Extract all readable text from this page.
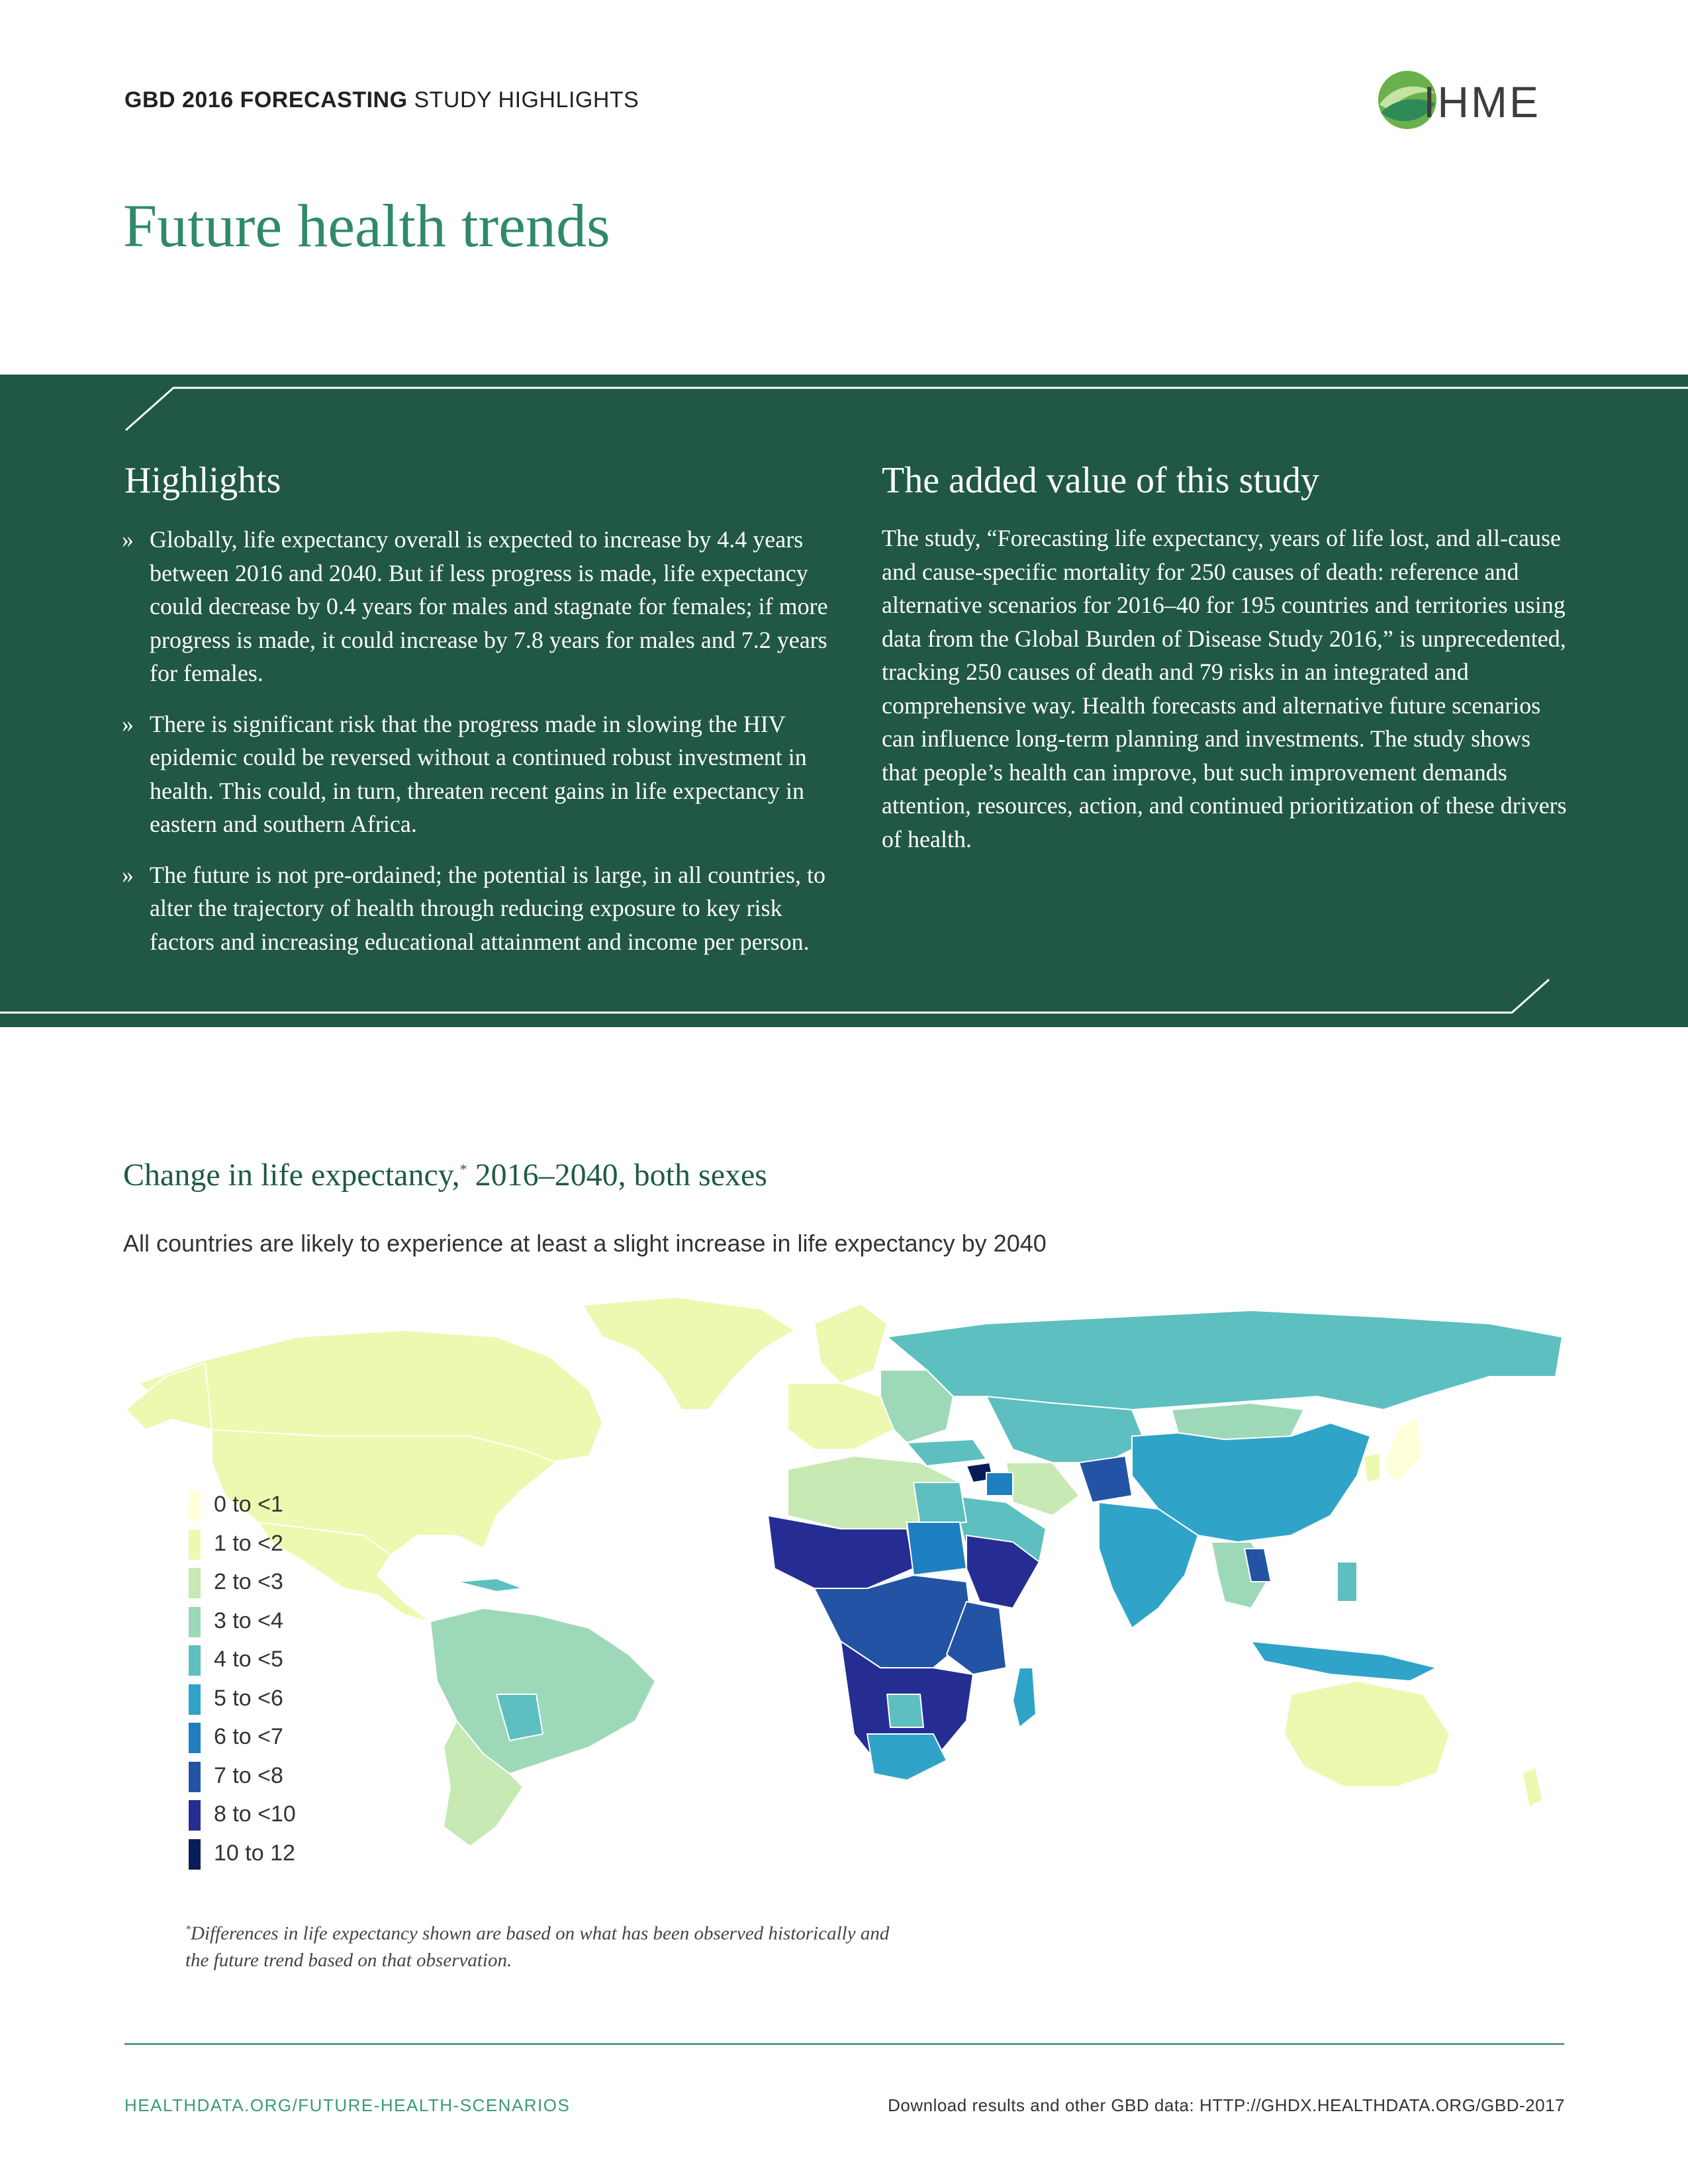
GBD 2016 FORECASTING STUDY HIGHLIGHTS	IHME
Future health trends
Highlights
» Globally, life expectancy overall is expected to increase by 4.4 years between 2016 and 2040. But if less progress is made, life expectancy could decrease by 0.4 years for males and stagnate for females; if more progress is made, it could increase by 7.8 years for males and 7.2 years for females.
» There is significant risk that the progress made in slowing the HIV epidemic could be reversed without a continued robust investment in health. This could, in turn, threaten recent gains in life expectancy in eastern and southern Africa.
» The future is not pre-ordained; the potential is large, in all countries, to alter the trajectory of health through reducing exposure to key risk factors and increasing educational attainment and income per person.
The added value of this study

The study, “Forecasting life expectancy, years of life lost, and all-cause and cause-specific mortality for 250 causes of death: reference and alternative scenarios for 2016–40 for 195 countries and territories using data from the Global Burden of Disease Study 2016,” is unprecedented, tracking 250 causes of death and 79 risks in an integrated and comprehensive way. Health forecasts and alternative future scenarios can influence long-term planning and investments. The study shows that people’s health can improve, but such improvement demands attention, resources, action, and continued prioritization of these drivers of health.

Change in life expectancy,* 2016–2040, both sexes
All countries are likely to experience at least a slight increase in life expectancy by 2040
0 to <1
1 to <2
2 to <3
3 to <4
4 to <5
5 to <6
6 to <7
7 to <8
8 to <10
10 to 12
*Differences in life expectancy shown are based on what has been observed historically and the future trend based on that observation.
HEALTHDATA.ORG/FUTURE-HEALTH-SCENARIOS	Download results and other GBD data: HTTP://GHDX.HEALTHDATA.ORG/GBD-2017
